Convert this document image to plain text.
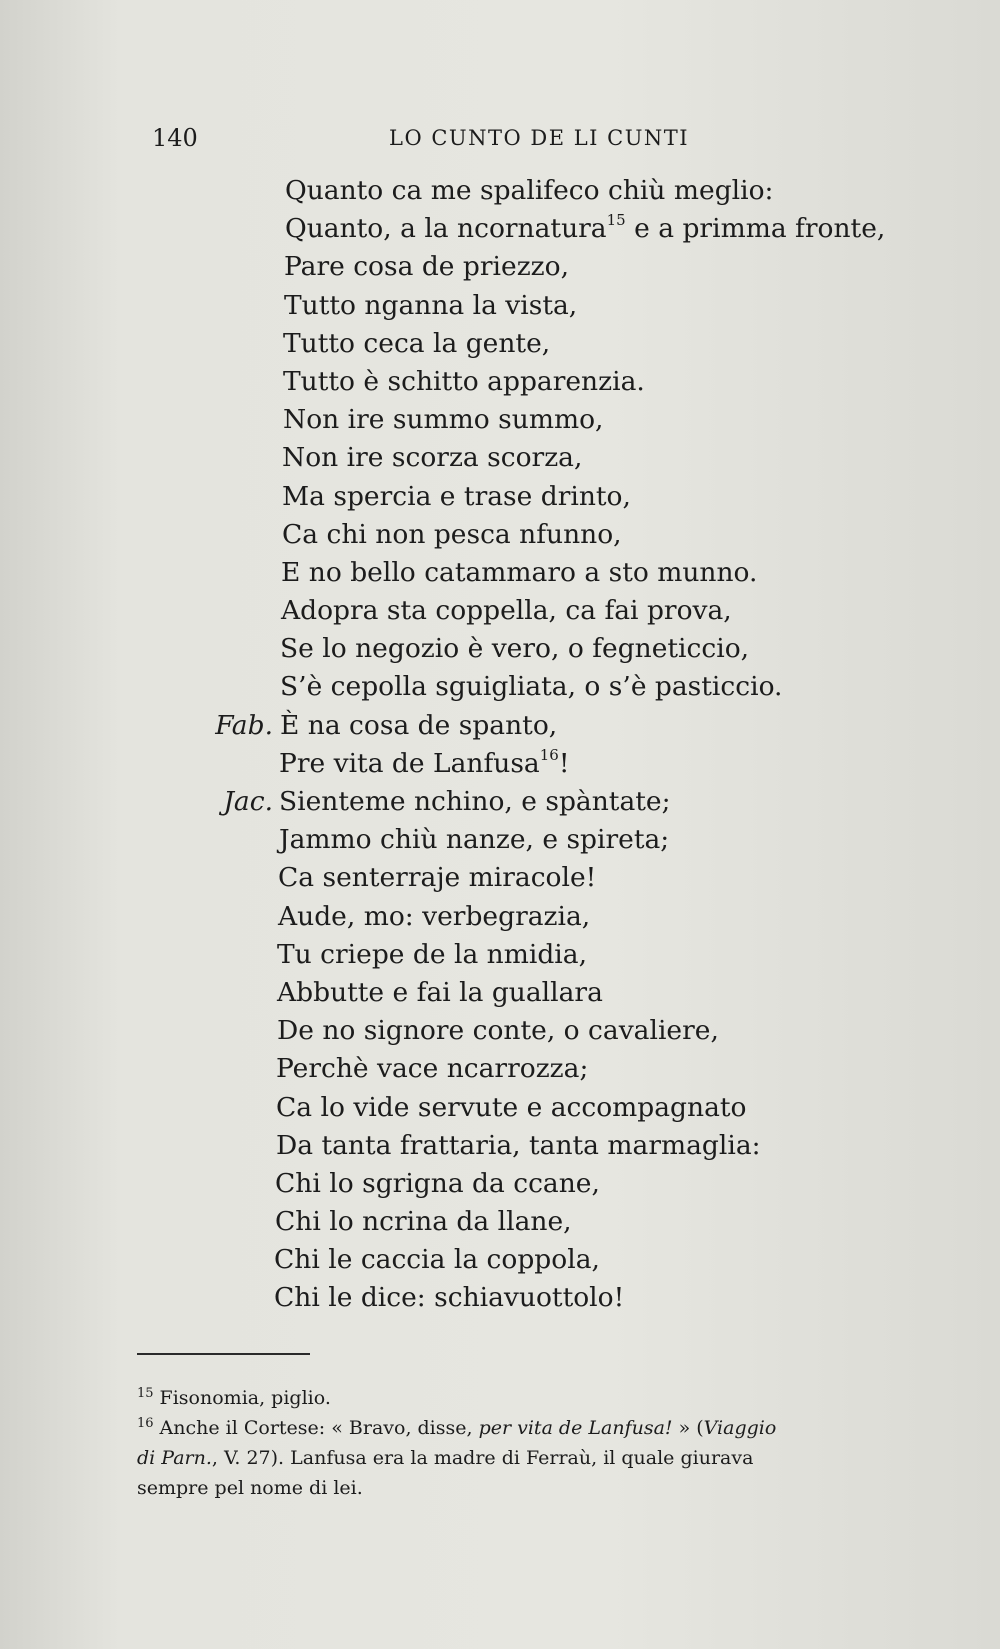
140	LO CUNTO DE LI CUNTI
Quanto ca me spalifeco chiù meglio:
Quanto, a la ncornatura$^{15}$ e a primma fronte,
Pare cosa de priezzo,
Tutto nganna la vista,
Tutto ceca la gente,
Tutto è schitto apparenzia.
Non ire summo summo,
Non ire scorza scorza,
Ma spercia e trase drinto,
Ca chi non pesca nfunno,
E no bello catammaro a sto munno.
Adopra sta coppella, ca fai prova,
Se lo negozio è vero, o fegneticcio,
S’è cepolla sguigliata, o s’è pasticcio.
Fab. È na cosa de spanto,
Pre vita de Lanfusa$^{16}$!
Jac. Sienteme nchino, e spàntate;
Jammo chiù nanze, e spireta;
Ca senterraje miracole!
Aude, mo: verbegrazia,
Tu criepe de la nmidia,
Abbutte e fai la guallara
De no signore conte, o cavaliere,
Perchè vace ncarrozza;
Ca lo vide servute e accompagnato
Da tanta frattaria, tanta marmaglia:
Chi lo sgrigna da ccane,
Chi lo ncrina da llane,
Chi le caccia la coppola,
Chi le dice: schiavuottolo!
$^{15}$ Fisonomia, piglio.
$^{16}$ Anche il Cortese: « Bravo, disse, per vita de Lanfusa! » (Viaggio
di Parn., V. 27). Lanfusa era la madre di Ferraù, il quale giurava
sempre pel nome di lei.
